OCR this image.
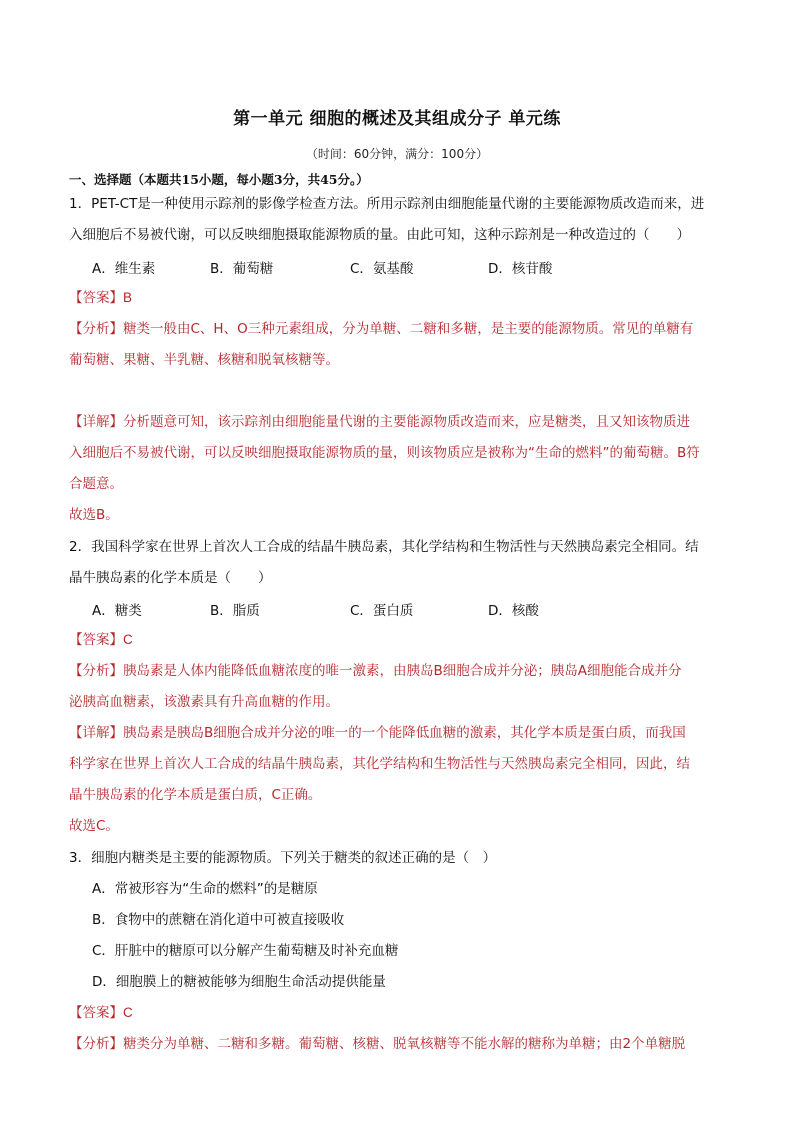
第一单元 细胞的概述及其组成分子 单元练
（时间：60分钟，满分：100分）
一、选择题（本题共15小题，每小题3分，共45分。）
1．PET-CT是一种使用示踪剂的影像学检查方法。所用示踪剂由细胞能量代谢的主要能源物质改造而来，进
入细胞后不易被代谢，可以反映细胞摄取能源物质的量。由此可知，这种示踪剂是一种改造过的（　　）
A．维生素	B．葡萄糖	C．氨基酸	D．核苷酸
【答案】B
【分析】糖类一般由C、H、O三种元素组成，分为单糖、二糖和多糖，是主要的能源物质。常见的单糖有
葡萄糖、果糖、半乳糖、核糖和脱氧核糖等。
【详解】分析题意可知，该示踪剂由细胞能量代谢的主要能源物质改造而来，应是糖类，且又知该物质进
入细胞后不易被代谢，可以反映细胞摄取能源物质的量，则该物质应是被称为“生命的燃料”的葡萄糖。B符
合题意。
故选B。
2．我国科学家在世界上首次人工合成的结晶牛胰岛素，其化学结构和生物活性与天然胰岛素完全相同。结
晶牛胰岛素的化学本质是（　　）
A．糖类	B．脂质	C．蛋白质	D．核酸
【答案】C
【分析】胰岛素是人体内能降低血糖浓度的唯一激素，由胰岛B细胞合成并分泌；胰岛A细胞能合成并分
泌胰高血糖素，该激素具有升高血糖的作用。
【详解】胰岛素是胰岛B细胞合成并分泌的唯一的一个能降低血糖的激素，其化学本质是蛋白质，而我国
科学家在世界上首次人工合成的结晶牛胰岛素，其化学结构和生物活性与天然胰岛素完全相同，因此，结
晶牛胰岛素的化学本质是蛋白质，C正确。
故选C。
3．细胞内糖类是主要的能源物质。下列关于糖类的叙述正确的是（　）
A．常被形容为“生命的燃料”的是糖原
B．食物中的蔗糖在消化道中可被直接吸收
C．肝脏中的糖原可以分解产生葡萄糖及时补充血糖
D．细胞膜上的糖被能够为细胞生命活动提供能量
【答案】C
【分析】糖类分为单糖、二糖和多糖。葡萄糖、核糖、脱氧核糖等不能水解的糖称为单糖；由2个单糖脱
